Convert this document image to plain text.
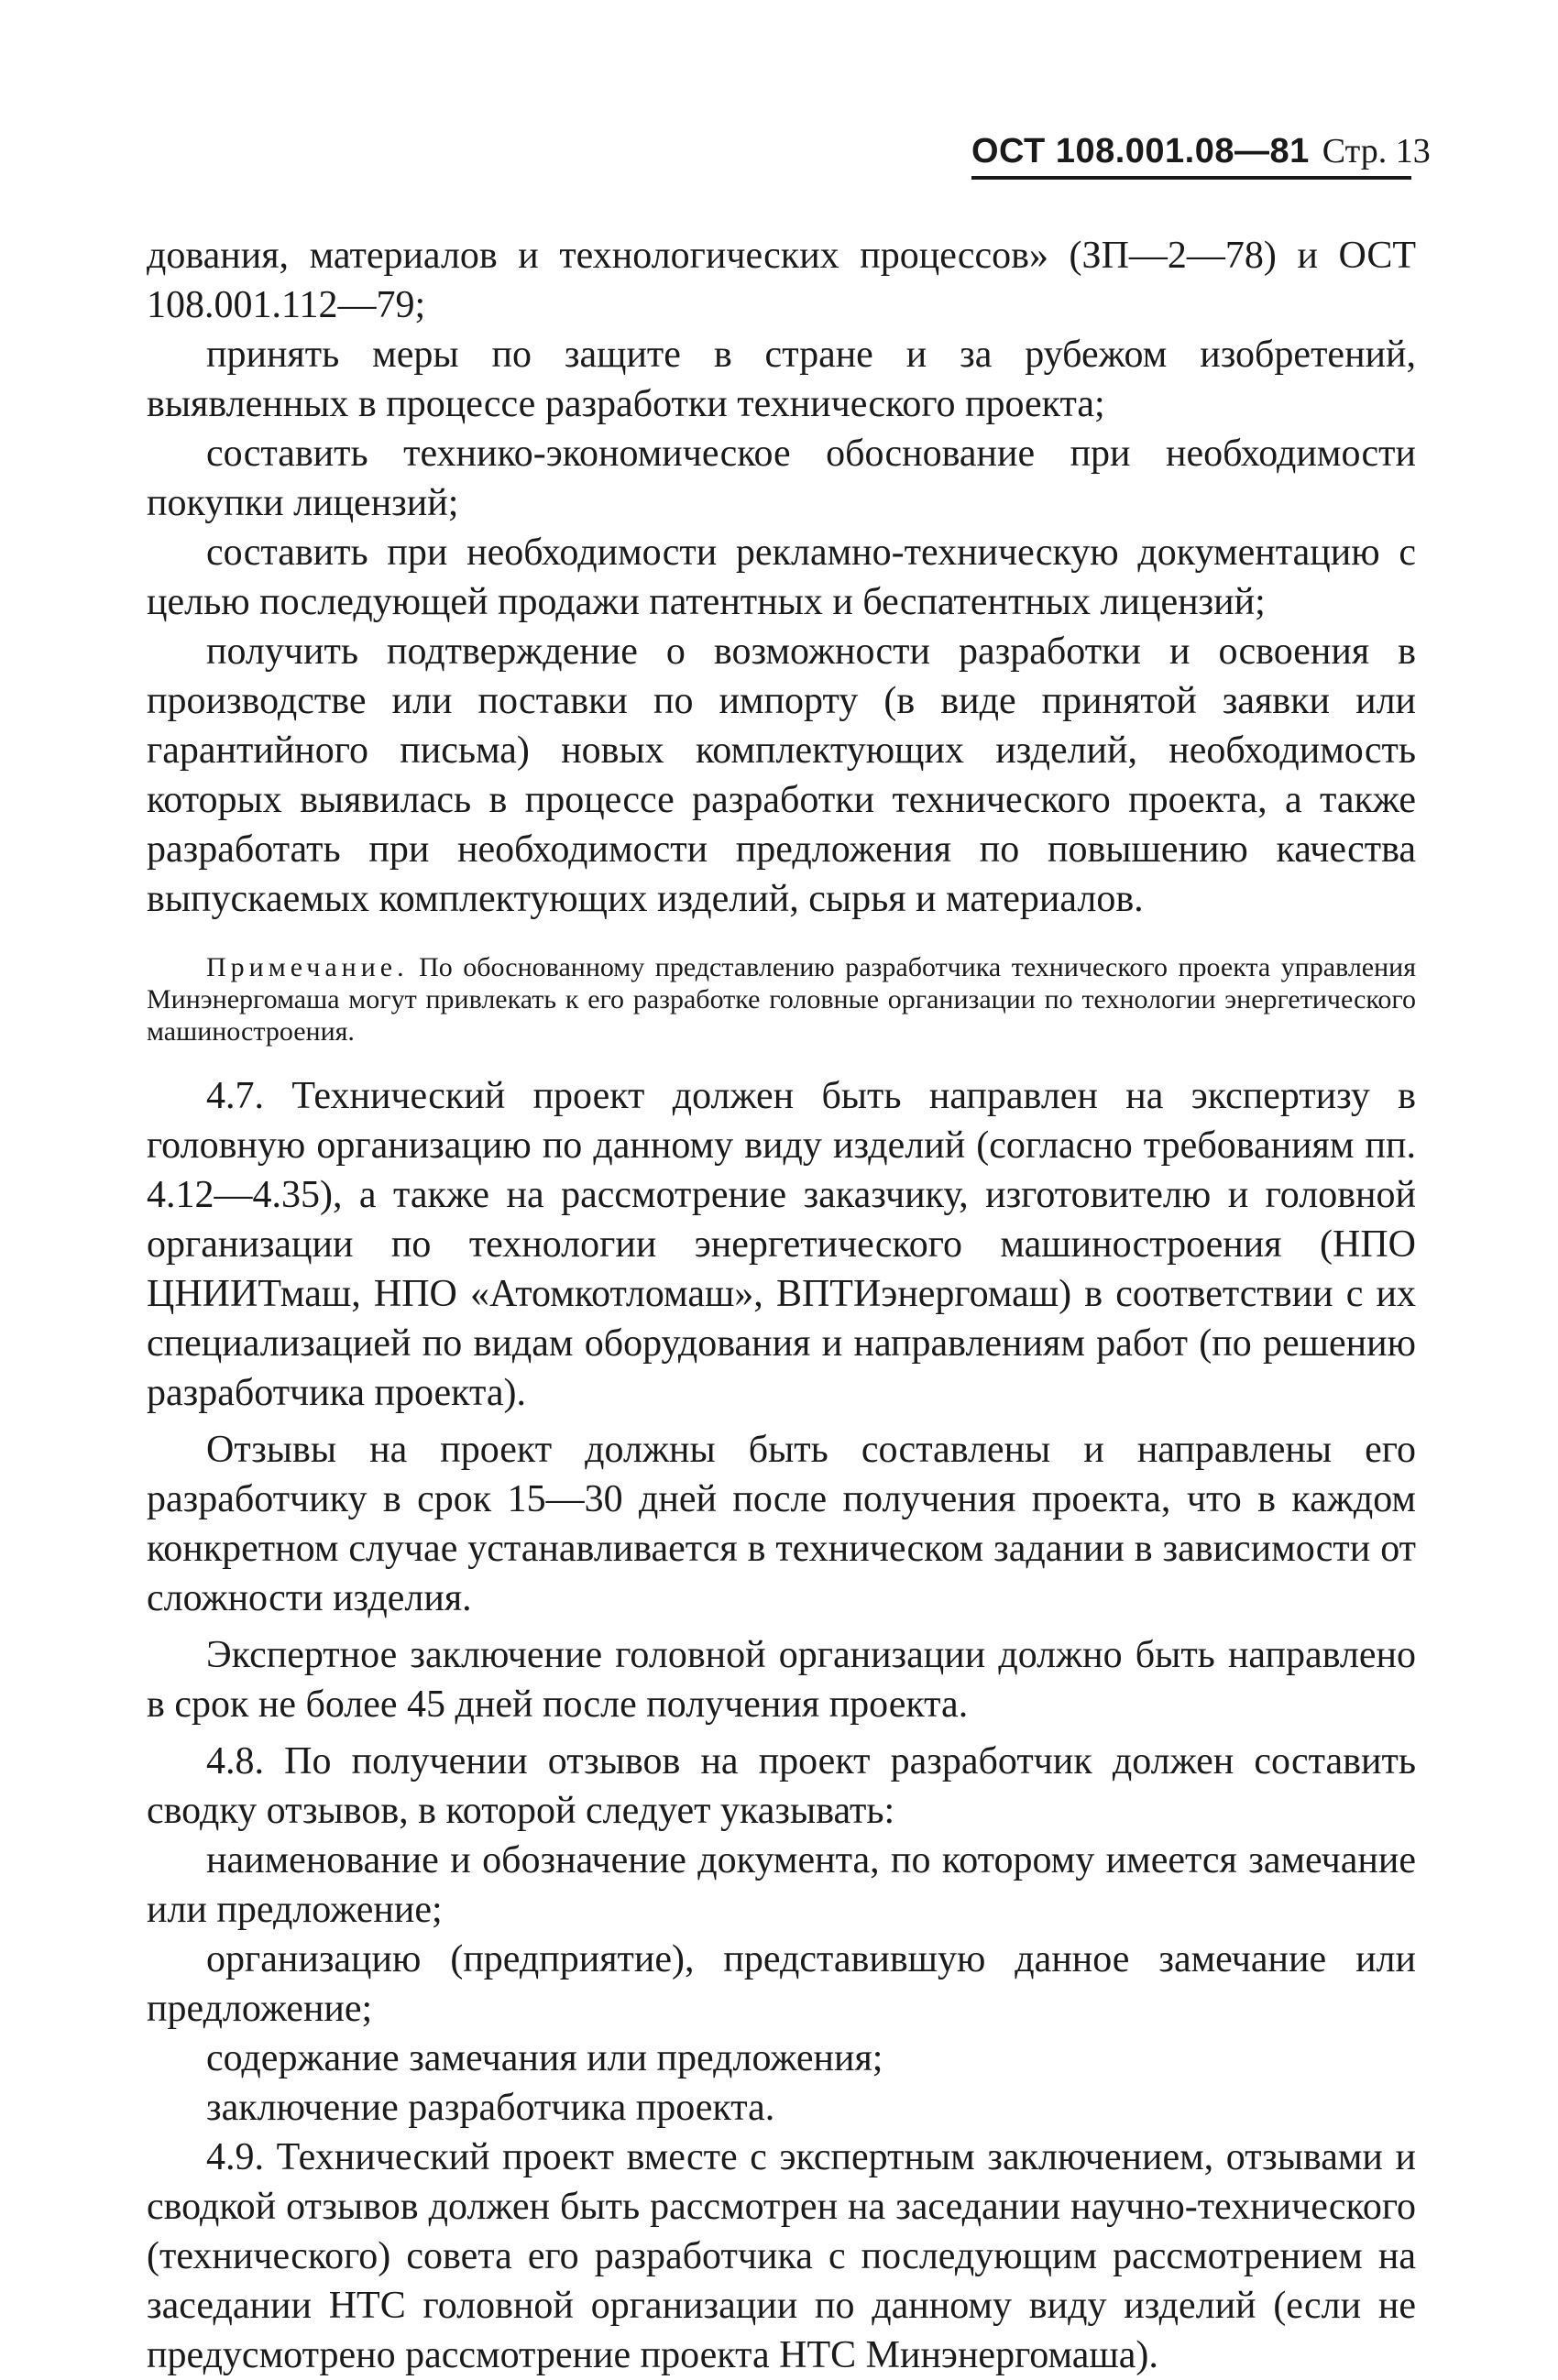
ОСТ 108.001.08—81 Стр. 13

дования, материалов и технологических процессов» (ЗП—2—78) и ОСТ 108.001.112—79;

принять меры по защите в стране и за рубежом изобретений, выявленных в процессе разработки технического проекта;

составить технико-экономическое обоснование при необходимости покупки лицензий;

составить при необходимости рекламно-техническую документацию с целью последующей продажи патентных и беспатентных лицензий;

получить подтверждение о возможности разработки и освоения в производстве или поставки по импорту (в виде принятой заявки или гарантийного письма) новых комплектующих изделий, необходимость которых выявилась в процессе разработки технического проекта, а также разработать при необходимости предложения по повышению качества выпускаемых комплектующих изделий, сырья и материалов.

Примечание. По обоснованному представлению разработчика технического проекта управления Минэнергомаша могут привлекать к его разработке головные организации по технологии энергетического машиностроения.

4.7. Технический проект должен быть направлен на экспертизу в головную организацию по данному виду изделий (согласно требованиям пп. 4.12—4.35), а также на рассмотрение заказчику, изготовителю и головной организации по технологии энергетического машиностроения (НПО ЦНИИТмаш, НПО «Атомкотломаш», ВПТИэнергомаш) в соответствии с их специализацией по видам оборудования и направлениям работ (по решению разработчика проекта).

Отзывы на проект должны быть составлены и направлены его разработчику в срок 15—30 дней после получения проекта, что в каждом конкретном случае устанавливается в техническом задании в зависимости от сложности изделия.

Экспертное заключение головной организации должно быть направлено в срок не более 45 дней после получения проекта.

4.8. По получении отзывов на проект разработчик должен составить сводку отзывов, в которой следует указывать:

наименование и обозначение документа, по которому имеется замечание или предложение;

организацию (предприятие), представившую данное замечание или предложение;

содержание замечания или предложения;

заключение разработчика проекта.

4.9. Технический проект вместе с экспертным заключением, отзывами и сводкой отзывов должен быть рассмотрен на заседании научно-технического (технического) совета его разработчика с последующим рассмотрением на заседании НТС головной организации по данному виду изделий (если не предусмотрено рассмотрение проекта НТС Минэнергомаша).
